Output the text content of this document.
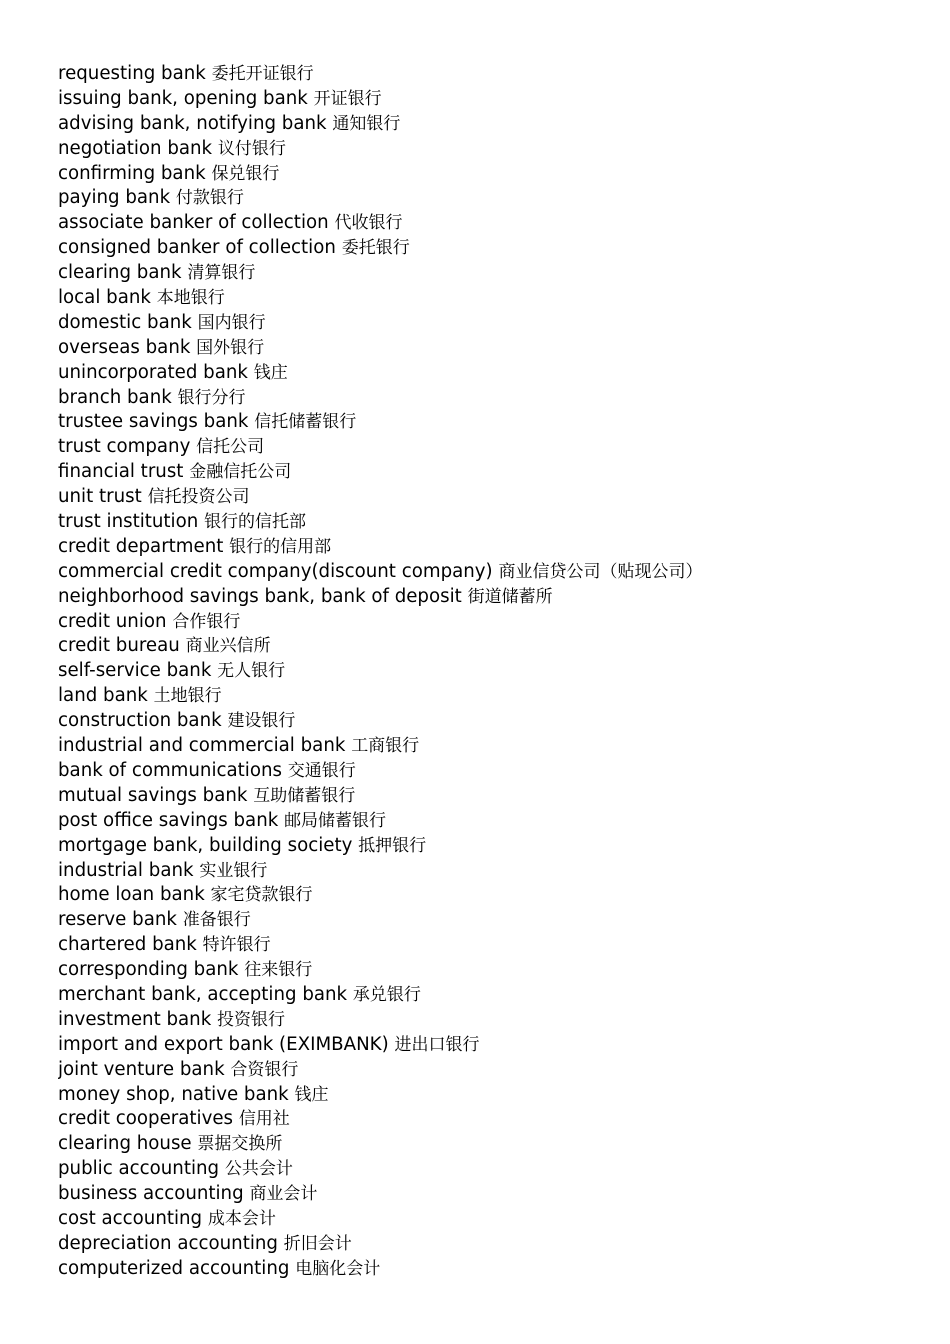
requesting bank 委托开证银行
issuing bank, opening bank 开证银行
advising bank, notifying bank 通知银行
negotiation bank 议付银行
confirming bank 保兑银行
paying bank 付款银行
associate banker of collection 代收银行
consigned banker of collection 委托银行
clearing bank 清算银行
local bank 本地银行
domestic bank 国内银行
overseas bank 国外银行
unincorporated bank 钱庄
branch bank 银行分行
trustee savings bank 信托储蓄银行
trust company 信托公司
financial trust 金融信托公司
unit trust 信托投资公司
trust institution 银行的信托部
credit department 银行的信用部
commercial credit company(discount company) 商业信贷公司（贴现公司）
neighborhood savings bank, bank of deposit 街道储蓄所
credit union 合作银行
credit bureau 商业兴信所
self-service bank 无人银行
land bank 土地银行
construction bank 建设银行
industrial and commercial bank 工商银行
bank of communications 交通银行
mutual savings bank 互助储蓄银行
post office savings bank 邮局储蓄银行
mortgage bank, building society 抵押银行
industrial bank 实业银行
home loan bank 家宅贷款银行
reserve bank 准备银行
chartered bank 特许银行
corresponding bank 往来银行
merchant bank, accepting bank 承兑银行
investment bank 投资银行
import and export bank (EXIMBANK) 进出口银行
joint venture bank 合资银行
money shop, native bank 钱庄
credit cooperatives 信用社
clearing house 票据交换所
public accounting 公共会计
business accounting 商业会计
cost accounting 成本会计
depreciation accounting 折旧会计
computerized accounting 电脑化会计
